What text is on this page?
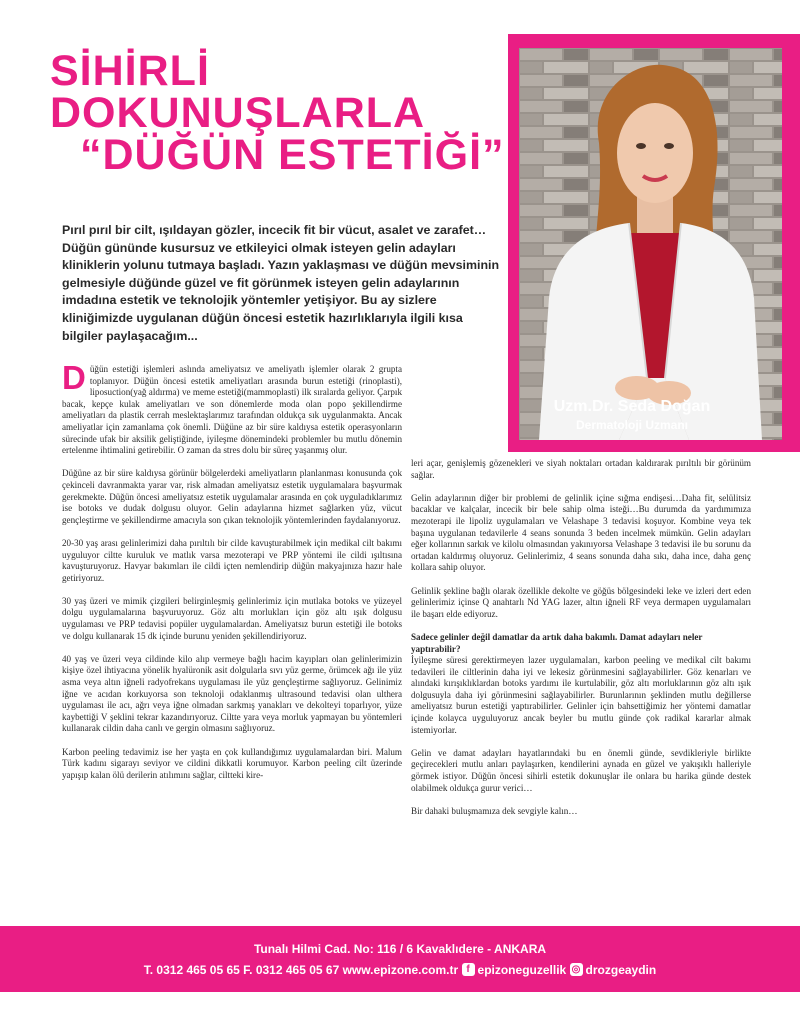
SİHİRLİ
DOKUNUŞLARLA
“DÜĞÜN ESTETİĞİ”
Pırıl pırıl bir cilt, ışıldayan gözler, incecik fit bir vücut, asalet ve zarafet… Düğün gününde kusursuz ve etkileyici olmak isteyen gelin adayları kliniklerin yolunu tutmaya başladı. Yazın yaklaşması ve düğün mevsiminin gelmesiyle düğünde güzel ve fit görünmek isteyen gelin adaylarının imdadına estetik ve teknolojik yöntemler yetişiyor. Bu ay sizlere kliniğimizde uygulanan düğün öncesi estetik hazırlıklarıyla ilgili kısa bilgiler paylaşacağım...
Uzm.Dr. Seda Doğan
Dermatoloji Uzmanı

Düğün estetiği işlemleri aslında ameliyatsız ve ameliyatlı işlemler olarak 2 grupta toplanıyor. Düğün öncesi estetik ameliyatları arasında burun estetiği (rinoplasti), liposuction(yağ aldırma) ve meme estetiği(mammoplasti) ilk sıralarda geliyor. Çarpık bacak, kepçe kulak ameliyatları ve son dönemlerde moda olan popo şekillendirme ameliyatları da plastik cerrah meslektaşlarımız tarafından oldukça sık uygulanmakta. Ancak ameliyatlar için zamanlama çok önemli. Düğüne az bir süre kaldıysa estetik operasyonların sürecinde ufak bir aksilik geliştiğinde, iyileşme dönemindeki problemler bu mutlu dönemin ertelenme ihtimalini getirebilir. O zaman da stres dolu bir süreç yaşanmış olur.

Düğüne az bir süre kaldıysa görünür bölgelerdeki ameliyatların planlanması konusunda çok çekinceli davranmakta yarar var, risk almadan ameliyatsız estetik uygulamalara başvurmak gerekmekte. Düğün öncesi ameliyatsız estetik uygulamalar arasında en çok uyguladıklarımız ise botoks ve dudak dolgusu oluyor. Gelin adaylarına hizmet sağlarken yüz, vücut gençleştirme ve şekillendirme amacıyla son çıkan teknolojik yöntemlerinden faydalanıyoruz.

20-30 yaş arası gelinlerimizi daha pırıltılı bir cilde kavuşturabilmek için medikal cilt bakımı uyguluyor ciltte kuruluk ve matlık varsa mezoterapi ve PRP yöntemi ile cildi ışıltısına kavuşturuyoruz. Havyar bakımları ile cildi içten nemlendirip düğün makyajınıza hazır hale getiriyoruz.

30 yaş üzeri ve mimik çizgileri belirginleşmiş gelinlerimiz için mutlaka botoks ve yüzeyel dolgu uygulamalarına başvuruyoruz. Göz altı morlukları için göz altı ışık dolgusu uygulaması ve PRP tedavisi popüler uygulamalardan. Ameliyatsız burun estetiği ile botoks ve dolgu kullanarak 15 dk içinde burunu yeniden şekillendiriyoruz.

40 yaş ve üzeri veya cildinde kilo alıp vermeye bağlı hacim kayıpları olan gelinlerimizin kişiye özel ihtiyacına yönelik hyalüronik asit dolgularla sıvı yüz germe, örümcek ağı ile yüz asma veya altın iğneli radyofrekans uygulaması ile yüz gençleştirme sağlıyoruz. Gelinimiz iğne ve acıdan korkuyorsa son teknoloji odaklanmış ultrasound tedavisi olan ulthera uygulaması ile acı, ağrı veya iğne olmadan sarkmış yanakları ve dekolteyi toparlıyor, yüze kaybettiği V şeklini tekrar kazandırıyoruz. Ciltte yara veya morluk yapmayan bu yöntemleri kullanarak cildin daha canlı ve gergin olmasını sağlıyoruz.

Karbon peeling tedavimiz ise her yaşta en çok kullandığımız uygulamalardan biri. Malum Türk kadını sigarayı seviyor ve cildini dikkatli korumuyor. Karbon peeling cilt üzerinde yapışıp kalan ölü derilerin atılımını sağlar, ciltteki kire-

leri açar, genişlemiş gözenekleri ve siyah noktaları ortadan kaldırarak pırıltılı bir görünüm sağlar.

Gelin adaylarının diğer bir problemi de gelinlik içine sığma endişesi…Daha fit, selülitsiz bacaklar ve kalçalar, incecik bir bele sahip olma isteği…Bu durumda da yardımımıza mezoterapi ile lipoliz uygulamaları ve Velashape 3 tedavisi koşuyor. Kombine veya tek başına uygulanan tedavilerle 4 seans sonunda 3 beden incelmek mümkün. Gelin adayları eğer kollarının sarkık ve kilolu olmasından yakınıyorsa Velashape 3 tedavisi ile bu sorunu da ortadan kaldırmış oluyoruz. Gelinlerimiz, 4 seans sonunda daha sıkı, daha ince, daha genç kollara sahip oluyor.

Gelinlik şekline bağlı olarak özellikle dekolte ve göğüs bölgesindeki leke ve izleri dert eden gelinlerimiz içinse Q anahtarlı Nd YAG lazer, altın iğneli RF veya dermapen uygulamaları ile başarı elde ediyoruz.

Sadece gelinler değil damatlar da artık daha bakımlı. Damat adayları neler yaptırabilir?

İyileşme süresi gerektirmeyen lazer uygulamaları, karbon peeling ve medikal cilt bakımı tedavileri ile ciltlerinin daha iyi ve lekesiz görünmesini sağlayabilirler. Göz kenarları ve alındaki kırışıklıklardan botoks yardımı ile kurtulabilir, göz altı morluklarının göz altı ışık dolgusuyla daha iyi görünmesini sağlayabilirler. Burunlarının şeklinden mutlu değillerse ameliyatsız burun estetiği yaptırabilirler. Gelinler için bahsettiğimiz her yöntemi damatlar içinde kolayca uyguluyoruz ancak beyler bu mutlu günde çok radikal kararlar almak istemiyorlar.

Gelin ve damat adayları hayatlarındaki bu en önemli günde, sevdikleriyle birlikte geçirecekleri mutlu anları paylaşırken, kendilerini aynada en güzel ve yakışıklı halleriyle görmek istiyor. Düğün öncesi sihirli estetik dokunuşlar ile onlara bu harika günde destek olabilmek oldukça gurur verici…

Bir dahaki buluşmamıza dek sevgiyle kalın…

Tunalı Hilmi Cad. No: 116 / 6 Kavaklıdere - ANKARA
T. 0312 465 05 65 F. 0312 465 05 67 www.epizone.com.tr f epizoneguzellik ◎ drozgeaydin
